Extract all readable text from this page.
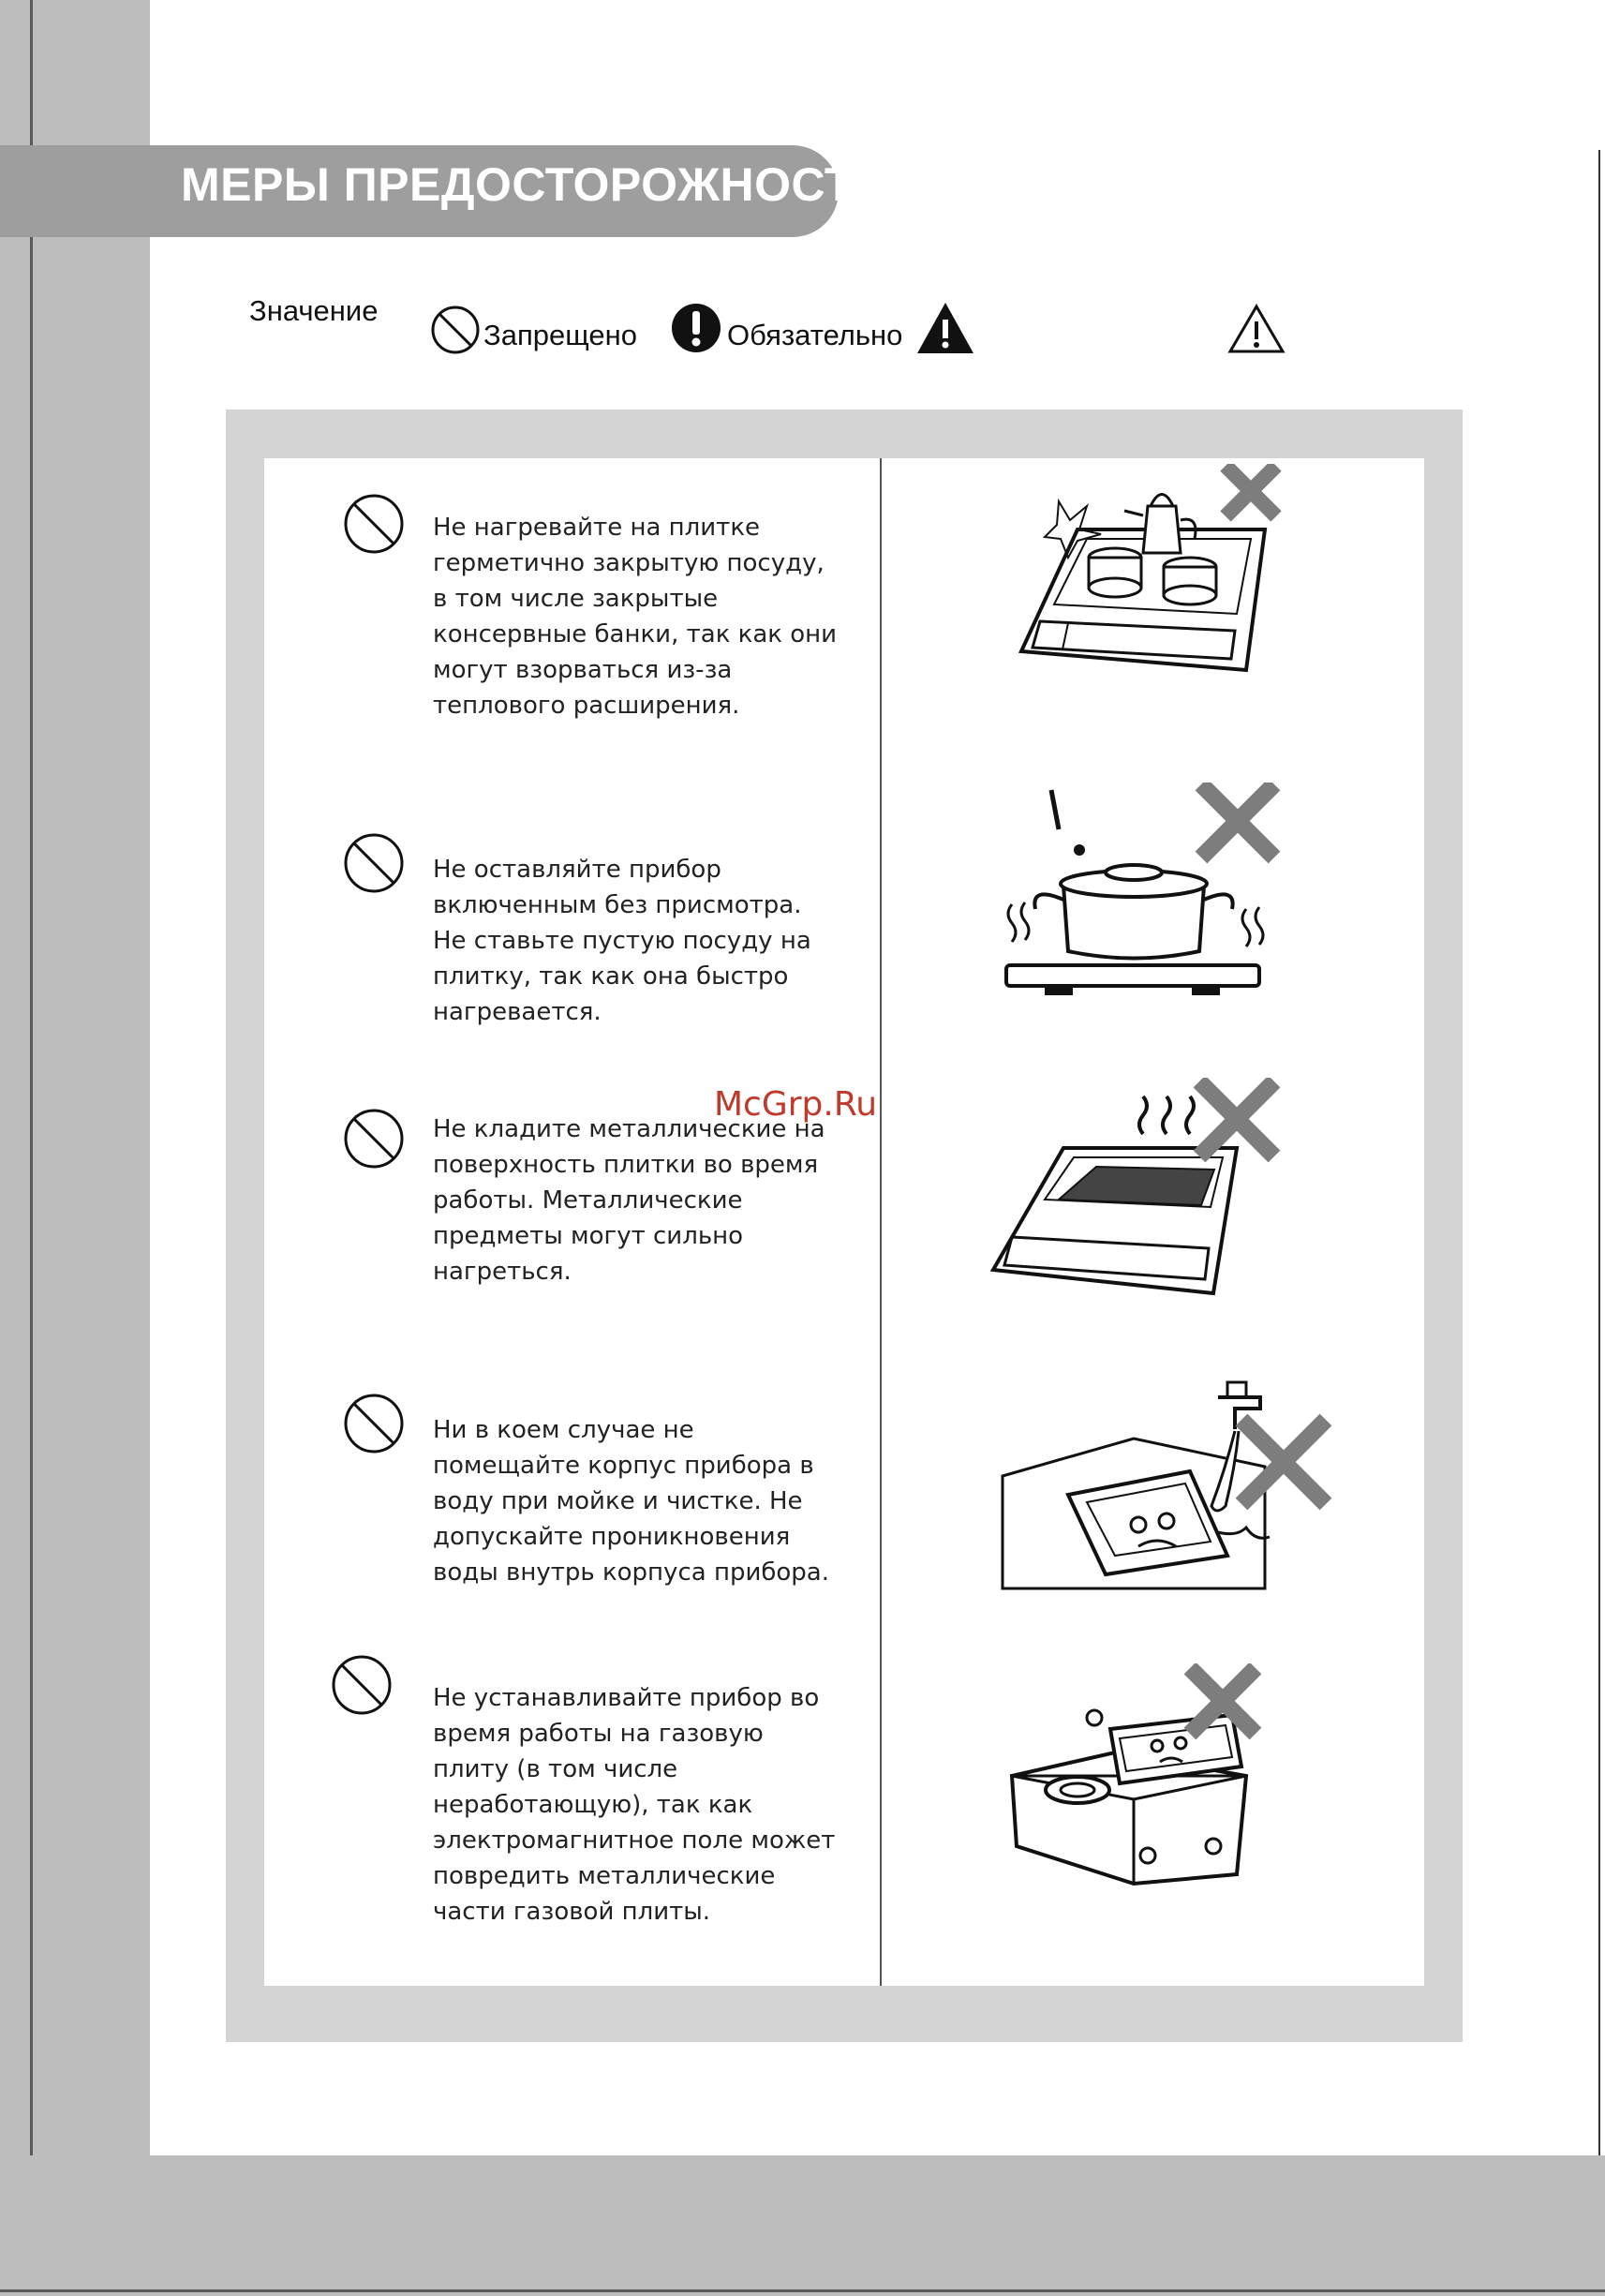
МЕРЫ ПРЕДОСТОРОЖНОСТИ
Значение
Запрещено	Обязательно
Не нагревайте на плитке
герметично закрытую посуду,
в том числе закрытые
консервные банки, так как они
могут взорваться из-за
теплового расширения.
Не оставляйте прибор
включенным без присмотра.
Не ставьте пустую посуду на
плитку, так как она быстро
нагревается.
Не кладите металлические на
поверхность плитки во время
работы. Металлические
предметы могут сильно
нагреться.
Ни в коем случае не
помещайте корпус прибора в
воду при мойке и чистке. Не
допускайте проникновения
воды внутрь корпуса прибора.
Не устанавливайте прибор во
время работы на газовую
плиту (в том числе
неработающую), так как
электромагнитное поле может
повредить металлические
части газовой плиты.
McGrp.Ru
